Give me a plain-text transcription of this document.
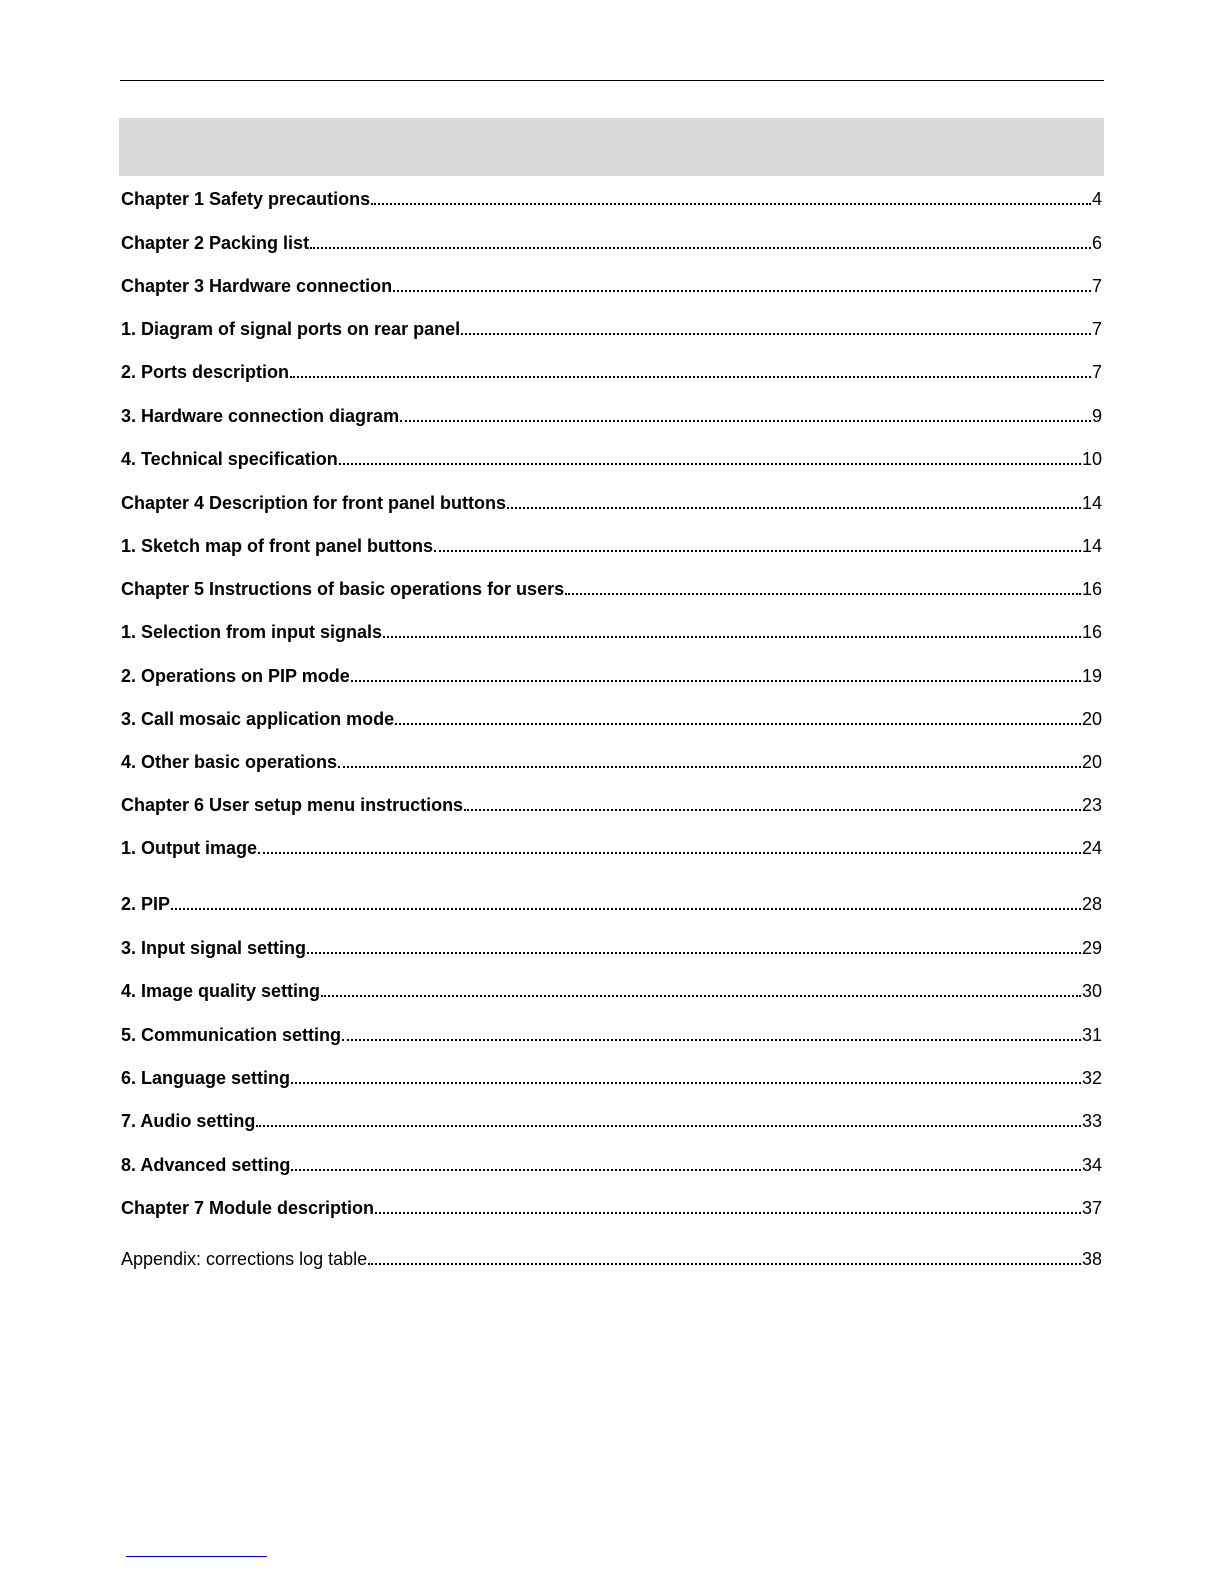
Chapter 1 Safety precautions	4
Chapter 2 Packing list	6
Chapter 3 Hardware connection	7
1. Diagram of signal ports on rear panel	7
2. Ports description	7
3. Hardware connection diagram	9
4. Technical specification	10
Chapter 4 Description for front panel buttons	14
1. Sketch map of front panel buttons	14
Chapter 5 Instructions of basic operations for users	16
1. Selection from input signals	16
2. Operations on PIP mode	19
3. Call mosaic application mode	20
4. Other basic operations	20
Chapter 6 User setup menu instructions	23
1. Output image	24
2. PIP	28
3. Input signal setting	29
4. Image quality setting	30
5. Communication setting	31
6. Language setting	32
7. Audio setting	33
8. Advanced setting	34
Chapter 7 Module description	37
Appendix: corrections log table	38
